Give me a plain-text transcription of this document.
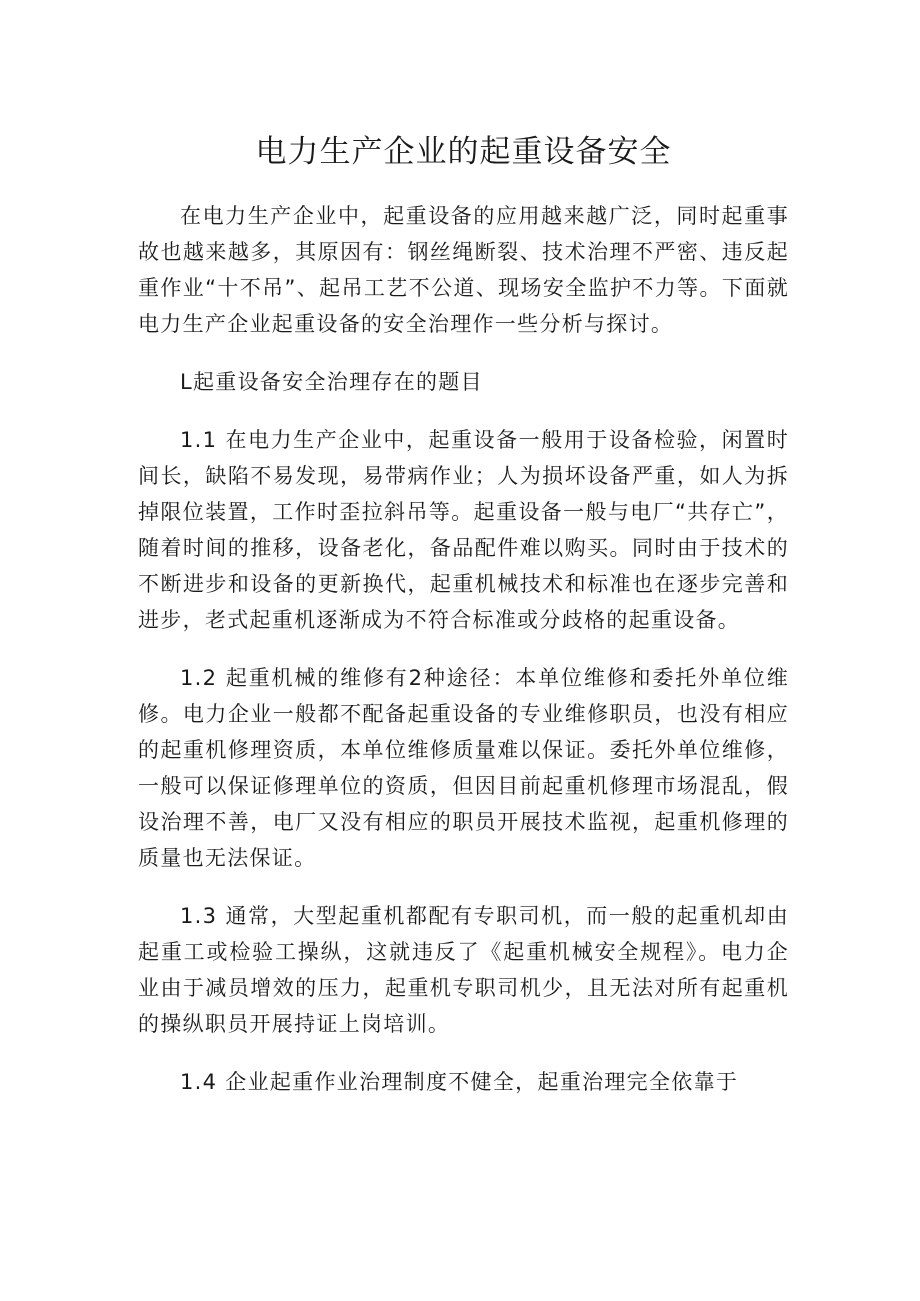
电力生产企业的起重设备安全

在电力生产企业中，起重设备的应用越来越广泛，同时起重事故也越来越多，其原因有：钢丝绳断裂、技术治理不严密、违反起重作业“十不吊”、起吊工艺不公道、现场安全监护不力等。下面就电力生产企业起重设备的安全治理作一些分析与探讨。

L起重设备安全治理存在的题目

1.1 在电力生产企业中，起重设备一般用于设备检验，闲置时间长，缺陷不易发现，易带病作业；人为损坏设备严重，如人为拆掉限位装置，工作时歪拉斜吊等。起重设备一般与电厂“共存亡”，随着时间的推移，设备老化，备品配件难以购买。同时由于技术的不断进步和设备的更新换代，起重机械技术和标准也在逐步完善和进步，老式起重机逐渐成为不符合标准或分歧格的起重设备。

1.2 起重机械的维修有2种途径：本单位维修和委托外单位维修。电力企业一般都不配备起重设备的专业维修职员，也没有相应的起重机修理资质，本单位维修质量难以保证。委托外单位维修，一般可以保证修理单位的资质，但因目前起重机修理市场混乱，假设治理不善，电厂又没有相应的职员开展技术监视，起重机修理的质量也无法保证。

1.3 通常，大型起重机都配有专职司机，而一般的起重机却由起重工或检验工操纵，这就违反了《起重机械安全规程》。电力企业由于减员增效的压力，起重机专职司机少，且无法对所有起重机的操纵职员开展持证上岗培训。

1.4 企业起重作业治理制度不健全，起重治理完全依靠于
